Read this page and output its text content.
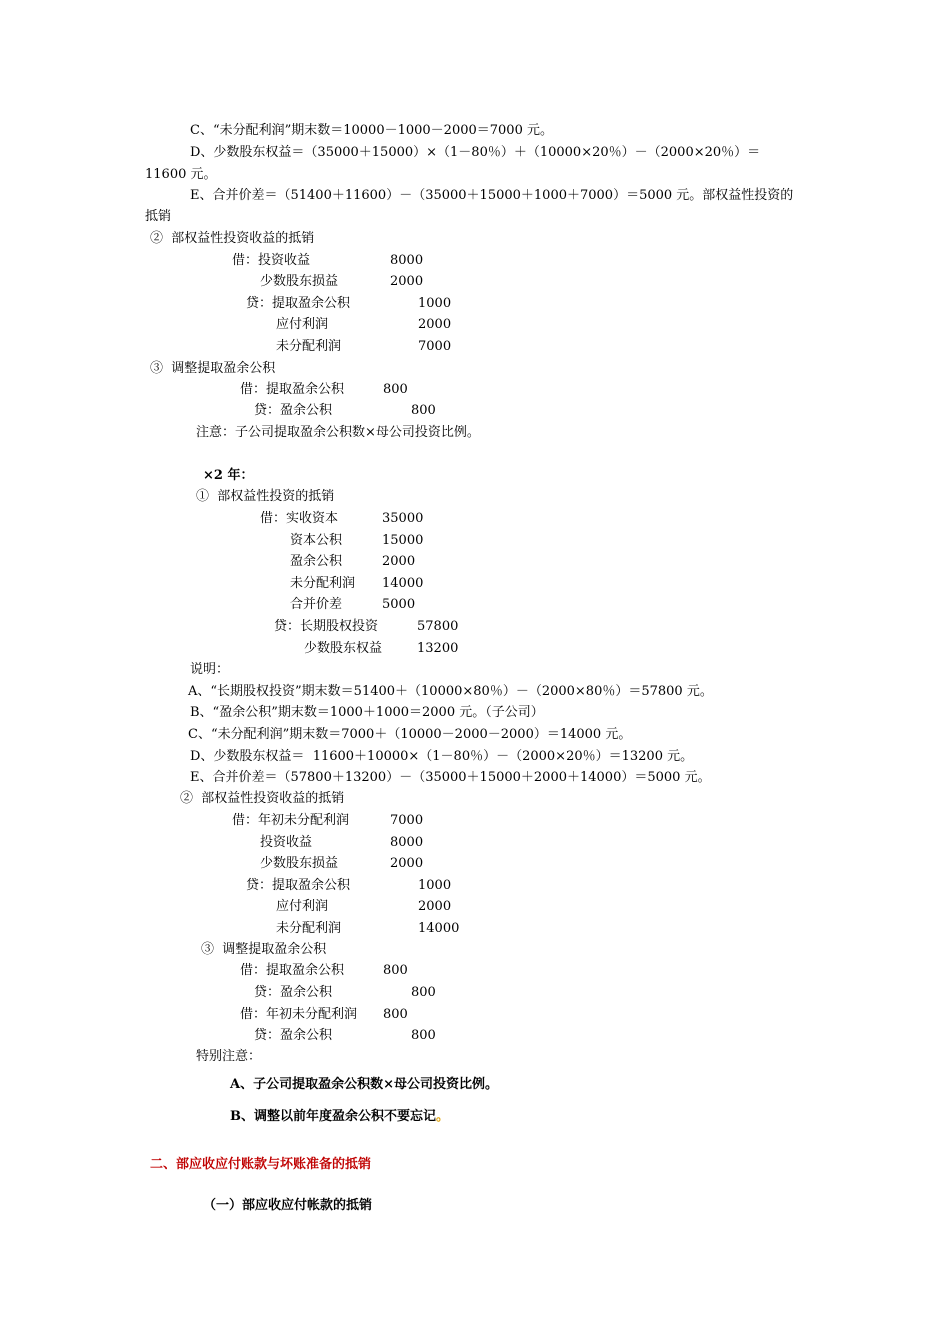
C、“未分配利润”期末数＝10000－1000－2000＝7000 元。
D、少数股东权益＝（35000＋15000）×（1－80％）＋（10000×20％）－（2000×20％）＝
11600 元。
E、合并价差＝（51400＋11600）－（35000＋15000＋1000＋7000）＝5000 元。部权益性投资的
抵销
②  部权益性投资收益的抵销
借：投资收益	8000
少数股东损益	2000
贷：提取盈余公积	1000
应付利润	2000
未分配利润	7000
③  调整提取盈余公积
借：提取盈余公积	800
贷：盈余公积	800
注意：子公司提取盈余公积数×母公司投资比例。
×2 年：
①  部权益性投资的抵销
借：实收资本	35000
资本公积	15000
盈余公积	2000
未分配利润 14000
合并价差	5000
贷：长期股权投资	57800
少数股东权益	13200
说明：
A、“长期股权投资”期末数＝51400＋（10000×80％）－（2000×80％）＝57800 元。
B、“盈余公积”期末数＝1000＋1000＝2000 元。（子公司）
C、“未分配利润”期末数＝7000＋（10000－2000－2000）＝14000 元。
D、少数股东权益＝  11600＋10000×（1－80％）－（2000×20％）＝13200 元。
E、合并价差＝（57800＋13200）－（35000＋15000＋2000＋14000）＝5000 元。
②  部权益性投资收益的抵销
借：年初未分配利润	7000
投资收益	8000
少数股东损益	2000
贷：提取盈余公积	1000
应付利润	2000
未分配利润	14000
③  调整提取盈余公积
借：提取盈余公积	800
贷：盈余公积	800
借：年初未分配利润 800
贷：盈余公积	800
特别注意：
A、子公司提取盈余公积数×母公司投资比例。
B、调整以前年度盈余公积不要忘记。
二、部应收应付账款与坏账准备的抵销
（一）部应收应付帐款的抵销
